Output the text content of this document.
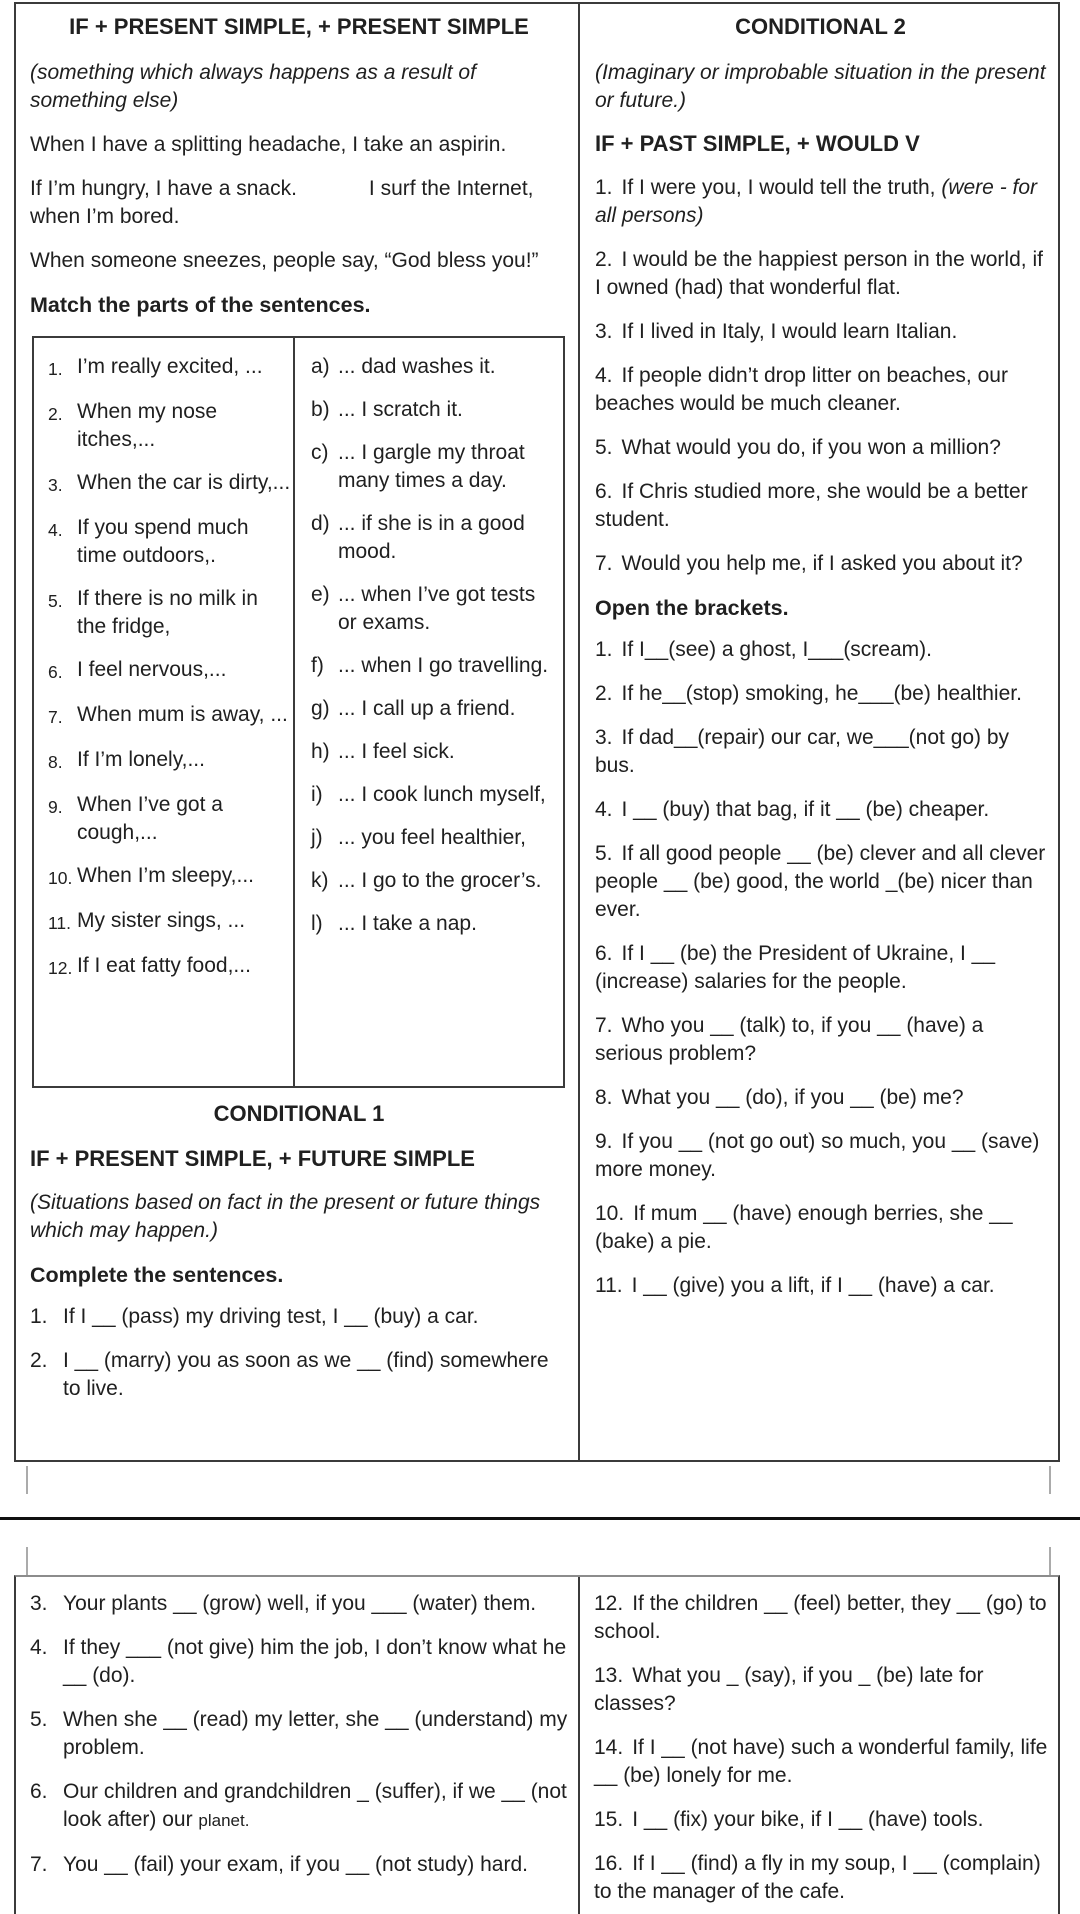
IF + PRESENT SIMPLE, + PRESENT SIMPLE

(something which always happens as a result of something else)

When I have a splitting headache, I take an aspirin.

If I’m hungry, I have a snack.	I surf the Internet, when I’m bored.

When someone sneezes, people say, “God bless you!”

Match the parts of the sentences.

1. I’m really excited, ...
2. When my nose itches,...
3. When the car is dirty,...
4. If you spend much time outdoors,.
5. If there is no milk in the fridge,
6. I feel nervous,...
7. When mum is away, ...
8. If I’m lonely,...
9. When I’ve got a cough,...
10. When I’m sleepy,...
11. My sister sings, ...
12. If I eat fatty food,...
a) ... dad washes it.
b) ... I scratch it.
c) ... I gargle my throat many times a day.
d) ... if she is in a good mood.
e) ... when I’ve got tests or exams.
f) ... when I go travelling.
g) ... I call up a friend.
h) ... I feel sick.
i) ... I cook lunch myself,
j) ... you feel healthier,
k) ... I go to the grocer’s.
l) ... I take a nap.
CONDITIONAL 1
IF + PRESENT SIMPLE, + FUTURE SIMPLE

(Situations based on fact in the present or future things which may happen.)

Complete the sentences.

1. If I __ (pass) my driving test, I __ (buy) a car.
2. I __ (marry) you as soon as we __ (find) somewhere to live.
CONDITIONAL 2

(Imaginary or improbable situation in the present or future.)

IF + PAST SIMPLE, + WOULD V

1. If I were you, I would tell the truth, (were - for all persons)

2. I would be the happiest person in the world, if I owned (had) that wonderful flat.

3. If I lived in Italy, I would learn Italian.

4. If people didn’t drop litter on beaches, our beaches would be much cleaner.

5. What would you do, if you won a million?

6. If Chris studied more, she would be a better student.

7. Would you help me, if I asked you about it?

Open the brackets.

1. If I__(see) a ghost, I___(scream).

2. If he__(stop) smoking, he___(be) healthier.

3. If dad__(repair) our car, we___(not go) by bus.

4. I __ (buy) that bag, if it __ (be) cheaper.

5. If all good people __ (be) clever and all clever people __ (be) good, the world _(be) nicer than ever.

6. If I __ (be) the President of Ukraine, I __ (increase) salaries for the people.

7. Who you __ (talk) to, if you __ (have) a serious problem?

8. What you __ (do), if you __ (be) me?

9. If you __ (not go out) so much, you __ (save) more money.

10. If mum __ (have) enough berries, she __ (bake) a pie.

11. I __ (give) you a lift, if I __ (have) a car.

3. Your plants __ (grow) well, if you ___ (water) them.
4. If they ___ (not give) him the job, I don’t know what he __ (do).
5. When she __ (read) my letter, she __ (understand) my problem.
6. Our children and grandchildren _ (suffer), if we __ (not look after) our planet.
7. You __ (fail) your exam, if you __ (not study) hard.

12. If the children __ (feel) better, they __ (go) to school.

13. What you _ (say), if you _ (be) late for classes?

14. If I __ (not have) such a wonderful family, life __ (be) lonely for me.

15. I __ (fix) your bike, if I __ (have) tools.

16. If I __ (find) a fly in my soup, I __ (complain) to the manager of the cafe.
